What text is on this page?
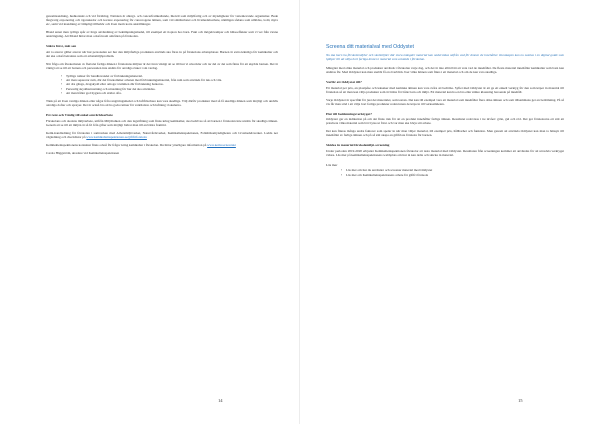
genomisandning, hudkontakt och vid förtäring. Nattalen är allergi- och cancerframkallande, likaväl som miljöfarlig och av myndigheter för vattenlevande organismer. Bade långvarig exponering och ögonskador och kortare exponering för cancerogena ämnen, som vid smältarbetet och livsmedelsarbete, nämligen sådana som utbildas, lodd, myra etc, samt vid inandning av lämpligt tillbehör och även inom korta anställningar.

Bland annat men tydliga spår av höga användning av bekämpningsmedel, till exempel ett tiopton hos barn. Fukt och mögelsvampar och hälsoeffekter som vi vet från vuxna ansträngning. Att Ibland hittar man också inom områden på förskolan.

Säkra först, mät sen

Att ta ansvar gäller ansvar när hur personalen ser hur den miljöfarliga produkten används ska föras in på förskolans arbetsplatser. Barnen är extra känsliga för kemikalier och det ska också betraktas som ett arbetsmiljöproblem.

När fråga om förekomsten av flertalet farliga ämnen i förskolans miljöer är det även viktigt att se till hur vi utvecklar och tar del av det som finns för att skydda barnen. Det är viktigt att se till att barnen och personalen inte utsätts för onödiga risker i sin vardag.

• Tydliga rutiner för handhavandet av förbrukningsmaterial.
• Att man separerar rum, där det förekommer arbeten med förbrukningsmaterial, från rum som används för lek och vila.
• Att dra gänga, dragskydd eller omoga i rummen där förbrukning hanteras.
• Personlig skyddsutrustning och utrustning för hur det ska användas.
• Att man håller god hygien och städar ofta.

Tänk på att även vanliga ämnen eller något från rengöringsmedel och luftfräschare kan vara skadliga. Välj därför produkter med så få skadliga ämnen som möjligt och undvik onödiga dofter och sprayer. Det är också bra att ha goda rutiner för ventilation och luftning i lokalerna.

Ett rent och Vänlig till enkel omvärldsarbete

Förskolans och skolans miljöarbete, utifrån Miljöbalken och den lagstiftning som finns kring kemikalier, ska bedrivas så att barnen i förskolan inte utsätts för skadliga ämnen. Genom att se till att miljön är så fri från gifter som möjligt bidrar man till en bättre framtid.

Kemi-handledning för förskolan i samverkan med Arbetsmiljöverket, Naturvårdsverket, Kemikalieinspektionen, Folkhälsomyndigheten och Livsmedelsverket. Ladda ner vägledning och checklistor på www.kemikalieinspektionen.se/giftfriforskola

Kemikalieinspektionens kontakter finns också för frågor kring kemikalier i förskolan. Du hittar ytterligare information på www.kemi.se/kontakt

Carola Häggström, utredare vid Kemikalieinspektionen

Screena ditt materialval med Oddystet

Nu ska barn ha förskolemiljöer och skolmiljöer där stora mängder material kan undersökas utifrån vad för ämnen de innehåller. Kunskapen kan nu samlas i en digital guide som hjälper till att välja bort farliga ämnen i material som används i förskolan.

Mängder med olika material och produkter används i förskolan varje dag, och det är inte alltid lätt att veta vad de innehåller. De flesta material innehåller kemikalier som barn kan utsättas för. Med Oddystet kan man snabbt få en överblick över vilka ämnen som finns i ett material och om de kan vara skadliga.

Varför ett Oddystet till?

Ett material per pris, en plastpåse och leksaker med kemiska ämnen kan vara svåra att bedöma. Syftet med Oddystet är att ge ett enkelt verktyg för den som köper in material till förskolan så att man kan välja produkter som är bättre för både barn och miljö. Ett material kan ha en bra eller sämre klassning beroende på innehåll.

Varje Oddystet är specifikt för just det materialet, som testats. Det kan till exempel vara ett material som innehåller flera olika ämnen och som tillsammans ger en bedömning. På så vis får man stöd i att välja bort farliga produkter redan innan de köps in till verksamheten.

Hur till bedömningsverktyget?

Oddystet ger en indikation på om det finns risk för att en produkt innehåller farliga ämnen. Resultatet redovisas i tre nivåer: grön, gul och röd. Det ger förskolorna ett sätt att prioritera vilka material som bör bytas ut först och var man ska börja sitt arbete.

Det kan finnas många andra faktorer som spelar in när man väljer material, till exempel pris, hållbarhet och funktion. Men genom att använda Oddystet kan man ta hänsyn till innehållet av farliga ämnen och på så sätt skapa en giftfriare förskola för barnen.

Skicka in material förskolemiljö-screening

Under perioden 2019-2020 erbjuder Kemikalieinspektionen förskolor att testa material med Oddystet. Resultaten från screeningen kommer att användas för att utveckla verktyget vidare. Läs mer på kemikalieinspektionens webbplats om hur ni kan delta och skicka in material.

Läs mer
• Läs mer om hur du använder och screenar material med Oddystet
• Läs mer om Kemikalieinspektionens arbete för giftfri förskola
14	15
